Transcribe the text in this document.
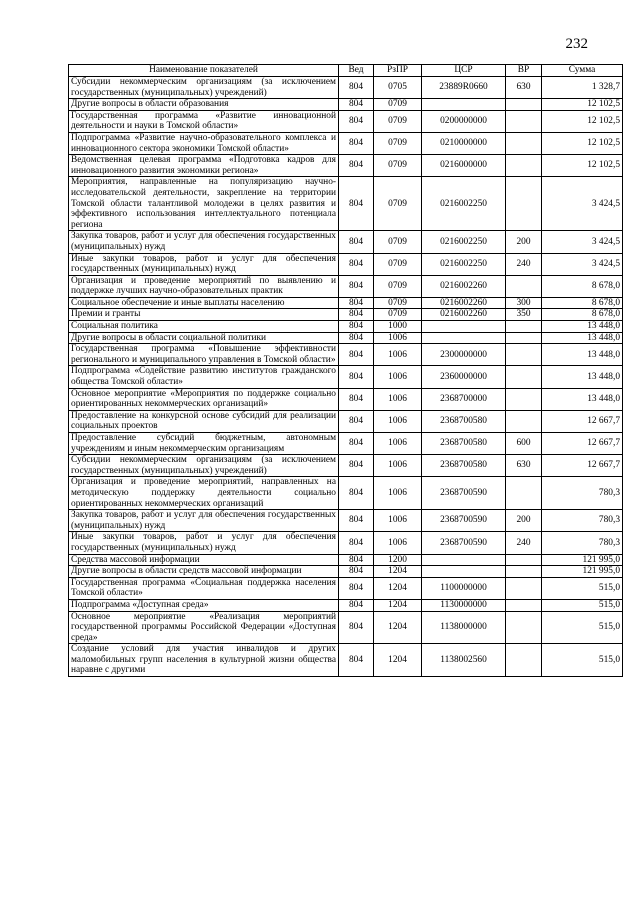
232
Наименование показателей	Вед	РзПР	ЦСР	ВР	Сумма
Субсидии некоммерческим организациям (за исключением государственных (муниципальных) учреждений)	804	0705	23889R0660	630	1 328,7
Другие вопросы в области образования	804	0709			12 102,5
Государственная программа «Развитие инновационной деятельности и науки в Томской области»	804	0709	0200000000		12 102,5
Подпрограмма «Развитие научно-образовательного комплекса и инновационного сектора экономики Томской области»	804	0709	0210000000		12 102,5
Ведомственная целевая программа «Подготовка кадров для инновационного развития экономики региона»	804	0709	0216000000		12 102,5
Мероприятия, направленные на популяризацию научно-исследовательской деятельности, закрепление на территории Томской области талантливой молодежи в целях развития и эффективного использования интеллектуального потенциала региона	804	0709	0216002250		3 424,5
Закупка товаров, работ и услуг для обеспечения государственных (муниципальных) нужд	804	0709	0216002250	200	3 424,5
Иные закупки товаров, работ и услуг для обеспечения государственных (муниципальных) нужд	804	0709	0216002250	240	3 424,5
Организация и проведение мероприятий по выявлению и поддержке лучших научно-образовательных практик	804	0709	0216002260		8 678,0
Социальное обеспечение и иные выплаты населению	804	0709	0216002260	300	8 678,0
Премии и гранты	804	0709	0216002260	350	8 678,0
Социальная политика	804	1000			13 448,0
Другие вопросы в области социальной политики	804	1006			13 448,0
Государственная программа «Повышение эффективности регионального и муниципального управления в Томской области»	804	1006	2300000000		13 448,0
Подпрограмма «Содействие развитию институтов гражданского общества Томской области»	804	1006	2360000000		13 448,0
Основное мероприятие «Мероприятия по поддержке социально ориентированных некоммерческих организаций»	804	1006	2368700000		13 448,0
Предоставление на конкурсной основе субсидий для реализации социальных проектов	804	1006	2368700580		12 667,7
Предоставление субсидий бюджетным, автономным учреждениям и иным некоммерческим организациям	804	1006	2368700580	600	12 667,7
Субсидии некоммерческим организациям (за исключением государственных (муниципальных) учреждений)	804	1006	2368700580	630	12 667,7
Организация и проведение мероприятий, направленных на методическую поддержку деятельности социально ориентированных некоммерческих организаций	804	1006	2368700590		780,3
Закупка товаров, работ и услуг для обеспечения государственных (муниципальных) нужд	804	1006	2368700590	200	780,3
Иные закупки товаров, работ и услуг для обеспечения государственных (муниципальных) нужд	804	1006	2368700590	240	780,3
Средства массовой информации	804	1200			121 995,0
Другие вопросы в области средств массовой информации	804	1204			121 995,0
Государственная программа «Социальная поддержка населения Томской области»	804	1204	1100000000		515,0
Подпрограмма «Доступная среда»	804	1204	1130000000		515,0
Основное мероприятие «Реализация мероприятий государственной программы Российской Федерации «Доступная среда»	804	1204	1138000000		515,0
Создание условий для участия инвалидов и других маломобильных групп населения в культурной жизни общества наравне с другими	804	1204	1138002560		515,0
